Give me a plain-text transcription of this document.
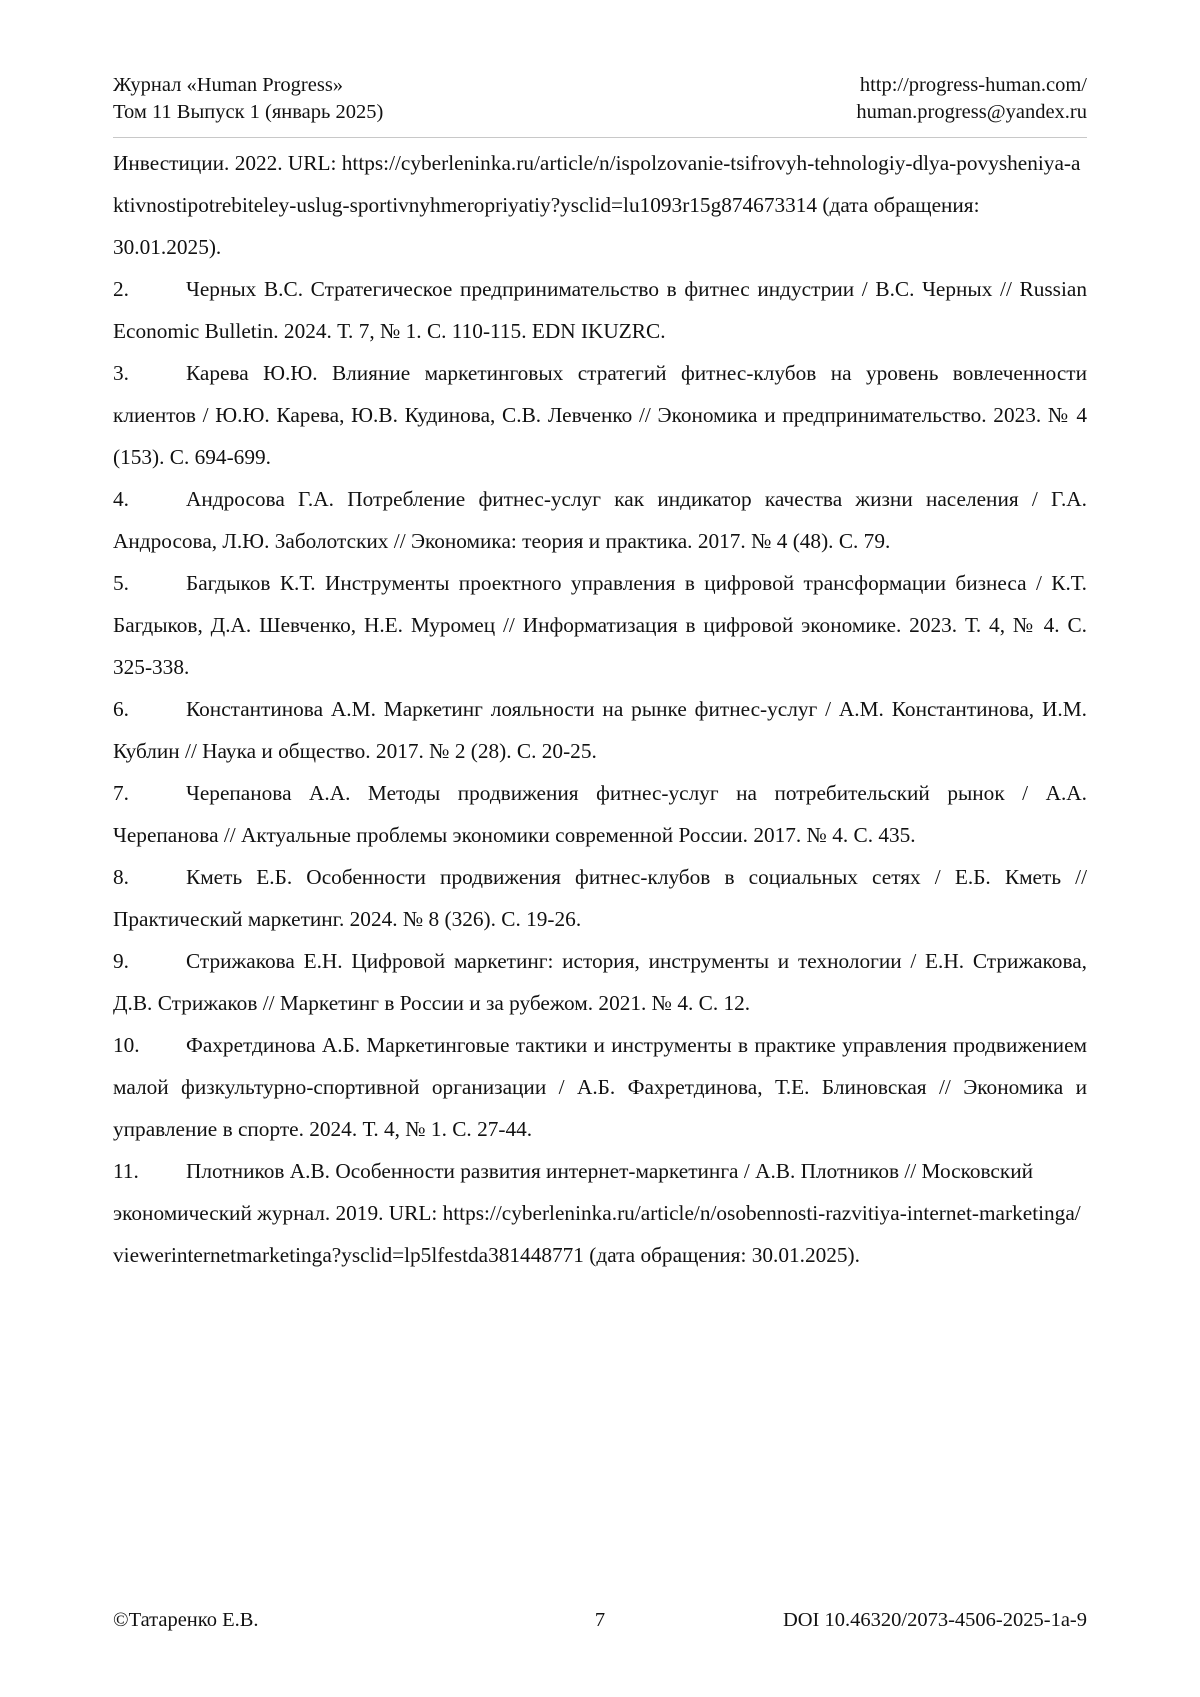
Журнал «Human Progress»	http://progress-human.com/
Том 11 Выпуск 1 (январь 2025)	human.progress@yandex.ru

Инвестиции. 2022. URL: https://cyberleninka.ru/article/n/ispolzovanie-tsifrovyh-tehnologiy-dlya-povysheniya-aktivnostipotrebiteley-uslug-sportivnyhmeropriyatiy?ysclid=lu1093r15g874673314 (дата обращения: 30.01.2025).

2.	Черных В.С. Стратегическое предпринимательство в фитнес индустрии / В.С. Черных // Russian Economic Bulletin. 2024. Т. 7, № 1. С. 110-115. EDN IKUZRC.

3.	Карева Ю.Ю. Влияние маркетинговых стратегий фитнес-клубов на уровень вовлеченности клиентов / Ю.Ю. Карева, Ю.В. Кудинова, С.В. Левченко // Экономика и предпринимательство. 2023. № 4 (153). С. 694-699.

4.	Андросова Г.А. Потребление фитнес-услуг как индикатор качества жизни населения / Г.А. Андросова, Л.Ю. Заболотских // Экономика: теория и практика. 2017. № 4 (48). С. 79.

5.	Багдыков К.Т. Инструменты проектного управления в цифровой трансформации бизнеса / К.Т. Багдыков, Д.А. Шевченко, Н.Е. Муромец // Информатизация в цифровой экономике. 2023. Т. 4, № 4. С. 325-338.

6.	Константинова А.М. Маркетинг лояльности на рынке фитнес-услуг / А.М. Константинова, И.М. Кублин // Наука и общество. 2017. № 2 (28). С. 20-25.

7.	Черепанова А.А. Методы продвижения фитнес-услуг на потребительский рынок / А.А. Черепанова // Актуальные проблемы экономики современной России. 2017. № 4. С. 435.

8.	Кметь Е.Б. Особенности продвижения фитнес-клубов в социальных сетях / Е.Б. Кметь // Практический маркетинг. 2024. № 8 (326). С. 19-26.

9.	Стрижакова Е.Н. Цифровой маркетинг: история, инструменты и технологии / Е.Н. Стрижакова, Д.В. Стрижаков // Маркетинг в России и за рубежом. 2021. № 4. С. 12.

10. Фахретдинова А.Б. Маркетинговые тактики и инструменты в практике управления продвижением малой физкультурно-спортивной организации / А.Б. Фахретдинова, Т.Е. Блиновская // Экономика и управление в спорте. 2024. Т. 4, № 1. С. 27-44.

11. Плотников А.В. Особенности развития интернет-маркетинга / А.В. Плотников // Московский экономический журнал. 2019. URL: https://cyberleninka.ru/article/n/osobennosti-razvitiya-internet-marketinga/viewerinternetmarketinga?ysclid=lp5lfestda381448771 (дата обращения: 30.01.2025).

©Татаренко Е.В.	7	DOI 10.46320/2073-4506-2025-1a-9
